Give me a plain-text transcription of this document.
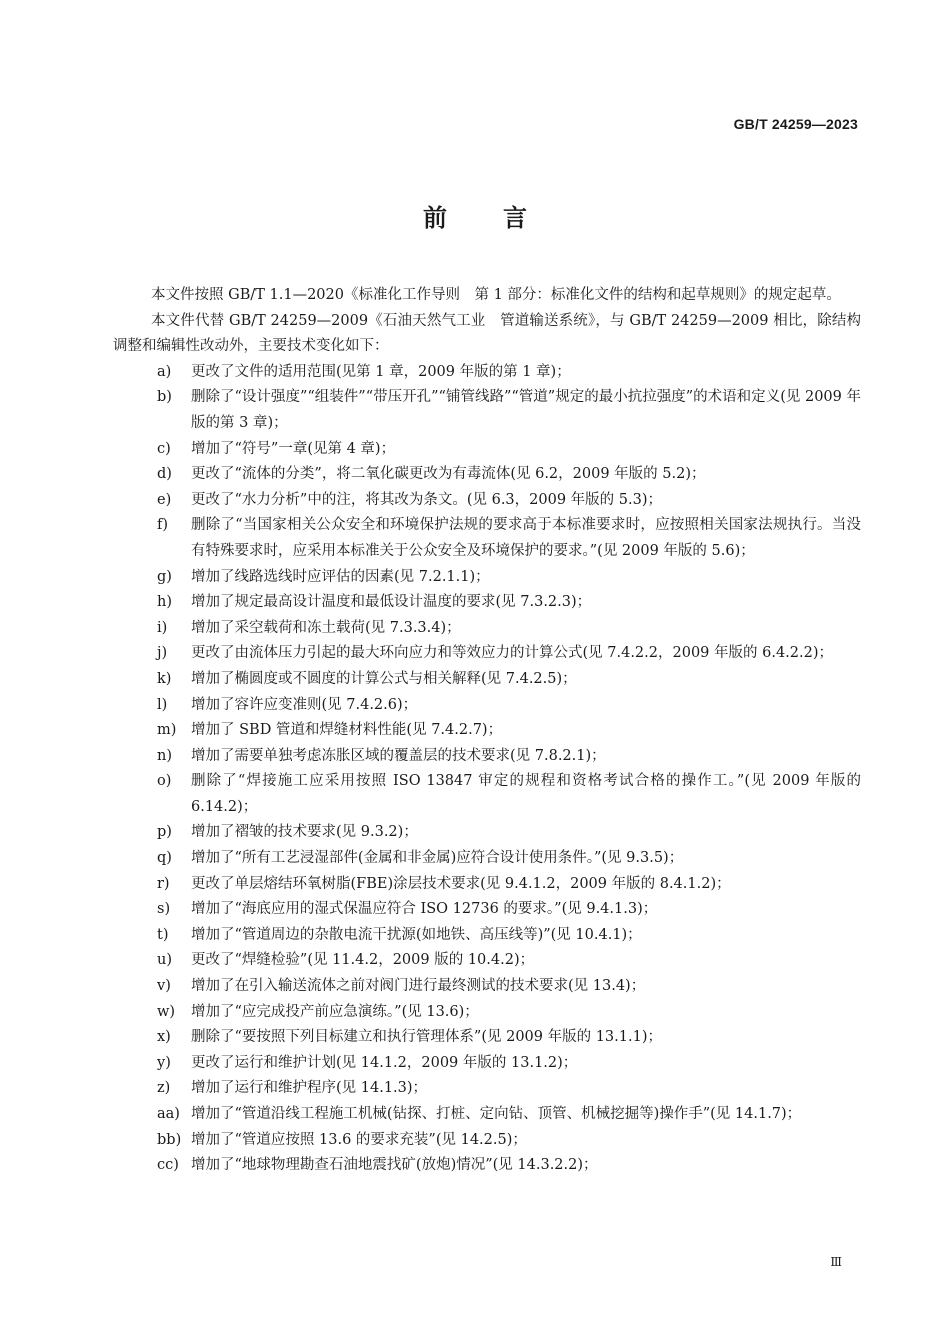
GB/T 24259—2023
前言

本文件按照 GB/T 1.1—2020《标准化工作导则　第 1 部分：标准化文件的结构和起草规则》的规定起草。

本文件代替 GB/T 24259—2009《石油天然气工业　管道输送系统》，与 GB/T 24259—2009 相比，除结构调整和编辑性改动外，主要技术变化如下：

a) 更改了文件的适用范围(见第 1 章，2009 年版的第 1 章)；
b) 删除了“设计强度”“组装件”“带压开孔”“铺管线路”“管道”规定的最小抗拉强度”的术语和定义(见 2009 年版的第 3 章)；
c) 增加了“符号”一章(见第 4 章)；
d) 更改了“流体的分类”，将二氧化碳更改为有毒流体(见 6.2，2009 年版的 5.2)；
e) 更改了“水力分析”中的注，将其改为条文。(见 6.3，2009 年版的 5.3)；
f) 删除了“当国家相关公众安全和环境保护法规的要求高于本标准要求时，应按照相关国家法规执行。当没有特殊要求时，应采用本标准关于公众安全及环境保护的要求。”(见 2009 年版的 5.6)；
g) 增加了线路选线时应评估的因素(见 7.2.1.1)；
h) 增加了规定最高设计温度和最低设计温度的要求(见 7.3.2.3)；
i) 增加了采空载荷和冻土载荷(见 7.3.3.4)；
j) 更改了由流体压力引起的最大环向应力和等效应力的计算公式(见 7.4.2.2，2009 年版的 6.4.2.2)；
k) 增加了椭圆度或不圆度的计算公式与相关解释(见 7.4.2.5)；
l) 增加了容许应变准则(见 7.4.2.6)；
m) 增加了 SBD 管道和焊缝材料性能(见 7.4.2.7)；
n) 增加了需要单独考虑冻胀区域的覆盖层的技术要求(见 7.8.2.1)；
o) 删除了“焊接施工应采用按照 ISO 13847 审定的规程和资格考试合格的操作工。”(见 2009 年版的 6.14.2)；
p) 增加了褶皱的技术要求(见 9.3.2)；
q) 增加了“所有工艺浸湿部件(金属和非金属)应符合设计使用条件。”(见 9.3.5)；
r) 更改了单层熔结环氧树脂(FBE)涂层技术要求(见 9.4.1.2，2009 年版的 8.4.1.2)；
s) 增加了“海底应用的湿式保温应符合 ISO 12736 的要求。”(见 9.4.1.3)；
t) 增加了“管道周边的杂散电流干扰源(如地铁、高压线等)”(见 10.4.1)；
u) 更改了“焊缝检验”(见 11.4.2，2009 版的 10.4.2)；
v) 增加了在引入输送流体之前对阀门进行最终测试的技术要求(见 13.4)；
w) 增加了“应完成投产前应急演练。”(见 13.6)；
x) 删除了“要按照下列目标建立和执行管理体系”(见 2009 年版的 13.1.1)；
y) 更改了运行和维护计划(见 14.1.2，2009 年版的 13.1.2)；
z) 增加了运行和维护程序(见 14.1.3)；
aa) 增加了“管道沿线工程施工机械(钻探、打桩、定向钻、顶管、机械挖掘等)操作手”(见 14.1.7)；
bb) 增加了“管道应按照 13.6 的要求充装”(见 14.2.5)；
cc) 增加了“地球物理勘查石油地震找矿(放炮)情况”(见 14.3.2.2)；
Ⅲ
